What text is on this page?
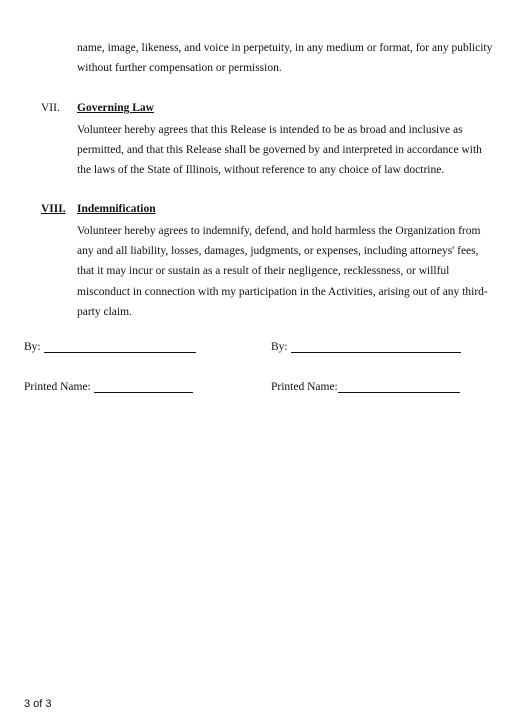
name, image, likeness, and voice in perpetuity, in any medium or format, for any publicity without further compensation or permission.
VII. Governing Law
Volunteer hereby agrees that this Release is intended to be as broad and inclusive as permitted, and that this Release shall be governed by and interpreted in accordance with the laws of the State of Illinois, without reference to any choice of law doctrine.
VIII. Indemnification
Volunteer hereby agrees to indemnify, defend, and hold harmless the Organization from any and all liability, losses, damages, judgments, or expenses, including attorneys' fees, that it may incur or sustain as a result of their negligence, recklessness, or willful misconduct in connection with my participation in the Activities, arising out of any third-party claim.
By:	By:
Printed Name:	Printed Name:
3 of 3
